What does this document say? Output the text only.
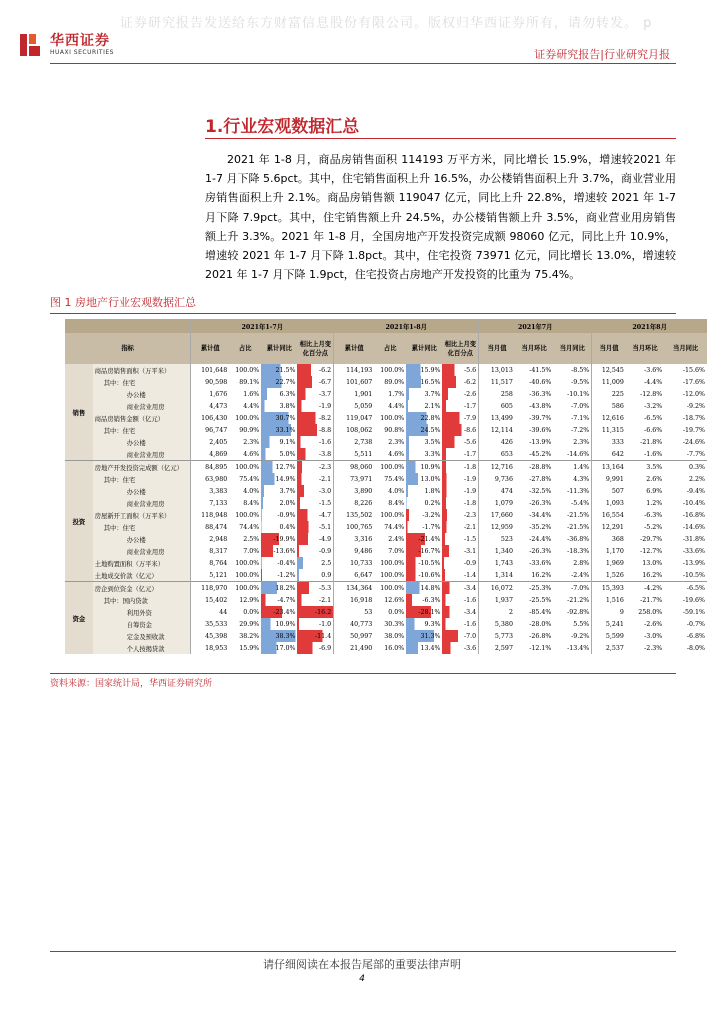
证券研究报告发送给东方财富信息股份有限公司。版权归华西证券所有，请勿转发。 p
华西证券
HUAXI SECURITIES	证券研究报告|行业研究月报
1.行业宏观数据汇总

2021 年 1-8 月，商品房销售面积 114193 万平方米，同比增长 15.9%，增速较2021 年 1-7 月下降 5.6pct。其中，住宅销售面积上升 16.5%，办公楼销售面积上升 3.7%，商业营业用房销售面积上升 2.1%。商品房销售额 119047 亿元，同比上升 22.8%，增速较 2021 年 1-7 月下降 7.9pct。其中，住宅销售额上升 24.5%，办公楼销售额上升 3.5%，商业营业用房销售额上升 3.3%。2021 年 1-8 月，全国房地产开发投资完成额 98060 亿元，同比上升 10.9%，增速较 2021 年 1-7 月下降 1.8pct。其中，住宅投资 73971 亿元，同比增长 13.0%，增速较 2021 年 1-7 月下降 1.9pct，住宅投资占房地产开发投资的比重为 75.4%。

图 1 房地产行业宏观数据汇总
		2021年1-7月				2021年1-8月				2021年7月			2021年8月		
指标		累计值	占比	累计同比	相比上月变化百分点	累计值	占比	累计同比	相比上月变化百分点	当月值	当月环比	当月同比	当月值	当月环比	当月同比
销售	商品房销售面积（万平米）	101,648	100.0%	21.5%	-6.2	114,193	100.0%	15.9%	-5.6	13,013	-41.5%	-8.5%	12,545	-3.6%	-15.6%
	其中：住宅	90,598	89.1%	22.7%	-6.7	101,607	89.0%	16.5%	-6.2	11,517	-40.6%	-9.5%	11,009	-4.4%	-17.6%
	办公楼	1,676	1.6%	6.3%	-3.7	1,901	1.7%	3.7%	-2.6	258	-36.3%	-10.1%	225	-12.8%	-12.0%
	商业营业用房	4,473	4.4%	3.8%	-1.9	5,059	4.4%	2.1%	-1.7	605	-43.8%	-7.0%	586	-3.2%	-9.2%
	商品房销售金额（亿元）	106,430	100.0%	30.7%	-8.2	119,047	100.0%	22.8%	-7.9	13,499	-39.7%	-7.1%	12,616	-6.5%	-18.7%
	其中：住宅	96,747	90.9%	33.1%	-8.8	108,062	90.8%	24.5%	-8.6	12,114	-39.6%	-7.2%	11,315	-6.6%	-19.7%
	办公楼	2,405	2.3%	9.1%	-1.6	2,738	2.3%	3.5%	-5.6	426	-13.9%	2.3%	333	-21.8%	-24.6%
	商业营业用房	4,869	4.6%	5.0%	-3.8	5,511	4.6%	3.3%	-1.7	653	-45.2%	-14.6%	642	-1.6%	-7.7%
投资	房地产开发投资完成额（亿元）	84,895	100.0%	12.7%	-2.3	98,060	100.0%	10.9%	-1.8	12,716	-28.8%	1.4%	13,164	3.5%	0.3%
	其中：住宅	63,980	75.4%	14.9%	-2.1	73,971	75.4%	13.0%	-1.9	9,736	-27.8%	4.3%	9,991	2.6%	2.2%
	办公楼	3,383	4.0%	3.7%	-3.0	3,890	4.0%	1.8%	-1.9	474	-32.5%	-11.3%	507	6.9%	-9.4%
	商业营业用房	7,133	8.4%	2.0%	-1.5	8,226	8.4%	0.2%	-1.8	1,079	-26.3%	-5.4%	1,093	1.2%	-10.4%
	房屋新开工面积（万平米）	118,948	100.0%	-0.9%	-4.7	135,502	100.0%	-3.2%	-2.3	17,660	-34.4%	-21.5%	16,554	-6.3%	-16.8%
	其中：住宅	88,474	74.4%	0.4%	-5.1	100,765	74.4%	-1.7%	-2.1	12,959	-35.2%	-21.5%	12,291	-5.2%	-14.6%
	办公楼	2,948	2.5%	-19.9%	-4.9	3,316	2.4%	-21.4%	-1.5	523	-24.4%	-36.8%	368	-29.7%	-31.8%
	商业营业用房	8,317	7.0%	-13.6%	-0.9	9,486	7.0%	-16.7%	-3.1	1,340	-26.3%	-18.3%	1,170	-12.7%	-33.6%
	土地购置面积（万平米）	8,764	100.0%	-0.4%	2.5	10,733	100.0%	-10.5%	-0.9	1,743	-33.6%	2.8%	1,969	13.0%	-13.9%
	土地成交价款（亿元）	5,121	100.0%	-1.2%	0.9	6,647	100.0%	-10.6%	-1.4	1,314	16.2%	-2.4%	1,526	16.2%	-10.5%
资金	房企到位资金（亿元）	118,970	100.0%	18.2%	-5.3	134,364	100.0%	14.8%	-3.4	16,072	-25.3%	-7.0%	15,393	-4.2%	-6.5%
	其中：国内贷款	15,402	12.9%	-4.7%	-2.1	16,918	12.6%	-6.3%	-1.6	1,937	-25.5%	-21.2%	1,516	-21.7%	-19.6%
	利用外资	44	0.0%	-23.4%	-16.2	53	0.0%	-28.1%	-3.4	2	-85.4%	-92.8%	9	258.0%	-59.1%
	自筹资金	35,533	29.9%	10.9%	-1.0	40,773	30.3%	9.3%	-1.6	5,380	-28.0%	5.5%	5,241	-2.6%	-0.7%
	定金及预收款	45,398	38.2%	38.3%	-11.4	50,997	38.0%	31.3%	-7.0	5,773	-26.8%	-9.2%	5,599	-3.0%	-6.8%
	个人按揭贷款	18,953	15.9%	17.0%	-6.9	21,490	16.0%	13.4%	-3.6	2,597	-12.1%	-13.4%	2,537	-2.3%	-8.0%
资料来源：国家统计局，华西证券研究所
请仔细阅读在本报告尾部的重要法律声明
4
